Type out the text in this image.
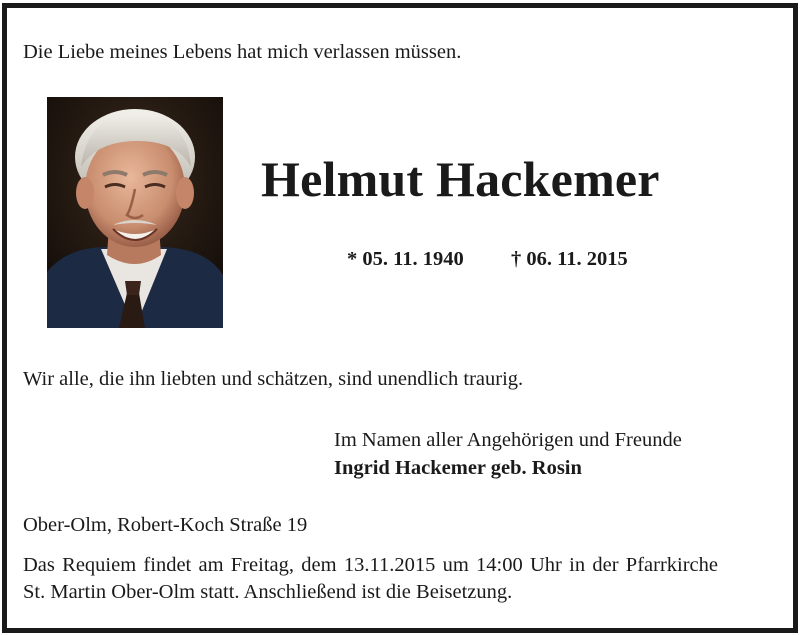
Die Liebe meines Lebens hat mich verlassen müssen.
Helmut Hackemer
* 05. 11. 1940 † 06. 11. 2015
Wir alle, die ihn liebten und schätzen, sind unendlich traurig.
Im Namen aller Angehörigen und Freunde
Ingrid Hackemer geb. Rosin
Ober-Olm, Robert-Koch Straße 19
Das Requiem findet am Freitag, dem 13.11.2015 um 14:00 Uhr in der Pfarrkirche St. Martin Ober-Olm statt. Anschließend ist die Beisetzung.
